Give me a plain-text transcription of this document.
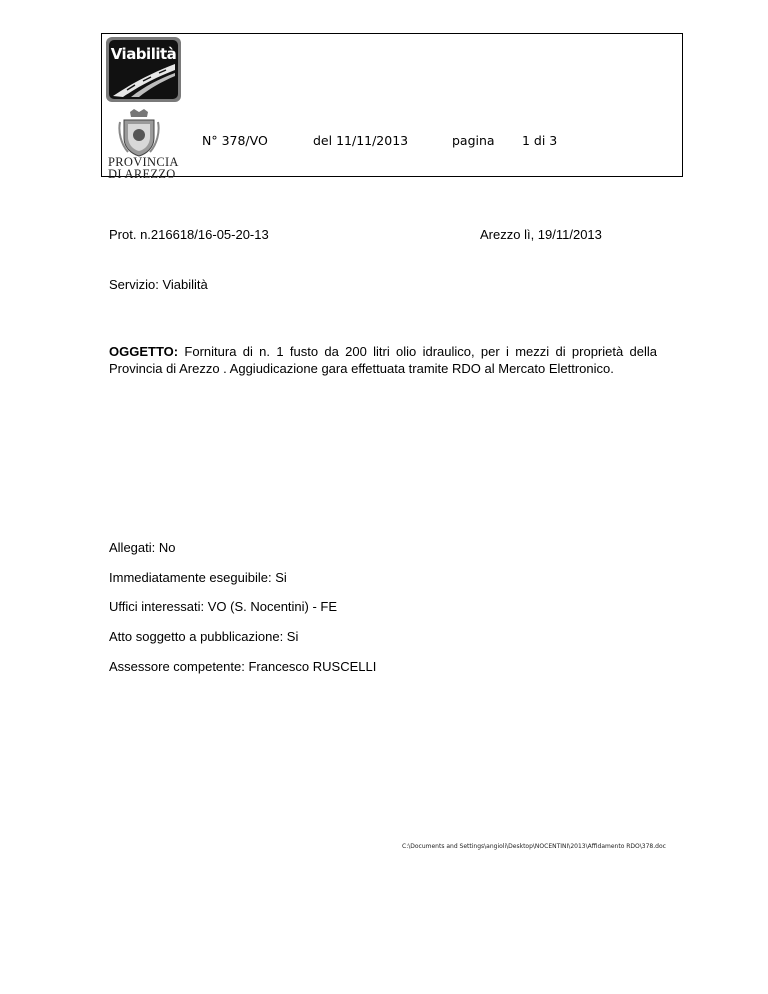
Viabilità
PROVINCIA
DI AREZZO
N° 378/VO	del 11/11/2013	pagina 1 di 3
Prot. n.216618/16-05-20-13	Arezzo lì, 19/11/2013
Servizio: Viabilità
OGGETTO: Fornitura di n. 1 fusto da 200 litri olio idraulico, per i mezzi di proprietà della Provincia di Arezzo . Aggiudicazione gara effettuata tramite RDO al Mercato Elettronico.
Allegati: No
Immediatamente eseguibile: Si
Uffici interessati: VO (S. Nocentini) - FE
Atto soggetto a pubblicazione: Si
Assessore competente: Francesco RUSCELLI
C:\Documents and Settings\angioli\Desktop\NOCENTINI\2013\Affidamento RDO\378.doc
